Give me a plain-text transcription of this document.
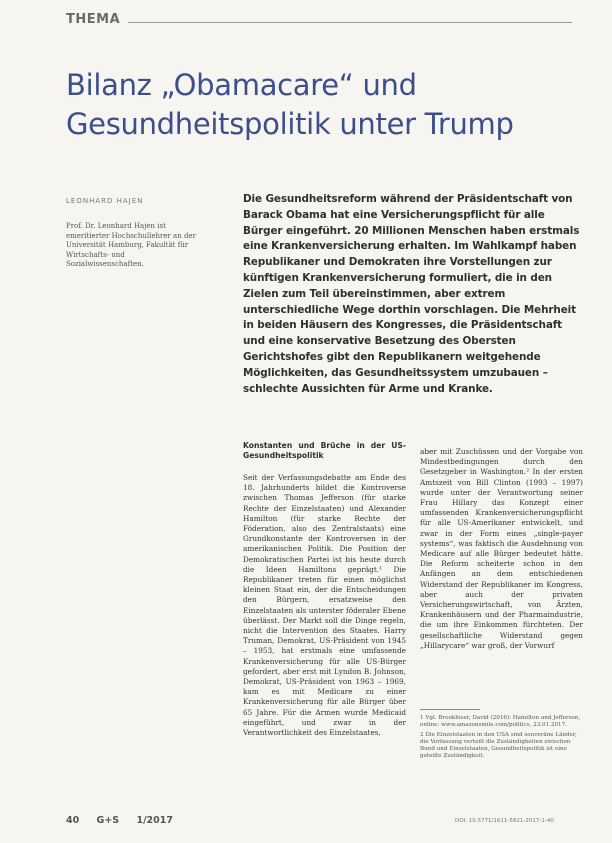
THEMA
Bilanz „Obamacare“ und
Gesundheitspolitik unter Trump
LEONHARD HAJEN
Prof. Dr. Leonhard Hajen ist emeritierter Hochschullehrer an der Universität Hamburg, Fakultät für Wirtschafts- und Sozialwissenschaften.
Die Gesundheitsreform während der Präsidentschaft von Barack Obama hat eine Versicherungspflicht für alle Bürger eingeführt. 20 Millionen Menschen haben erstmals eine Krankenversicherung erhalten. Im Wahlkampf haben Republikaner und Demokraten ihre Vorstellungen zur künftigen Krankenversicherung formuliert, die in den Zielen zum Teil übereinstimmen, aber extrem unterschiedliche Wege dorthin vorschlagen. Die Mehrheit in beiden Häusern des Kongresses, die Präsidentschaft und eine konservative Besetzung des Obersten Gerichtshofes gibt den Republikanern weitgehende Möglichkeiten, das Gesundheitssystem umzubauen – schlechte Aussichten für Arme und Kranke.
Konstanten und Brüche in der US-Gesundheitspolitik

Seit der Verfassungsdebatte am Ende des 18. Jahrhunderts bildet die Kontroverse zwischen Thomas Jefferson (für starke Rechte der Einzelstaaten) und Alexander Hamilton (für starke Rechte der Föderation, also des Zentralstaats) eine Grundkonstante der Kontroversen in der amerikanischen Politik. Die Position der Demokratischen Partei ist bis heute durch die Ideen Hamiltons geprägt.¹ Die Republikaner treten für einen möglichst kleinen Staat ein, der die Entscheidungen den Bürgern, ersatzweise den Einzelstaaten als unterster föderaler Ebene überlässt. Der Markt soll die Dinge regeln, nicht die Intervention des Staates. Harry Truman, Demokrat, US-Präsident von 1945 – 1953, hat erstmals eine umfassende Krankenversicherung für alle US-Bürger gefordert, aber erst mit Lyndon B. Johnson, Demokrat, US-Präsident von 1963 – 1969, kam es mit Medicare zu einer Krankenversicherung für alle Bürger über 65 Jahre. Für die Armen wurde Medicaid eingeführt, und zwar in der Verantwortlichkeit des Einzelstaates,

aber mit Zuschüssen und der Vorgabe von Mindestbedingungen durch den Gesetzgeber in Washington.² In der ersten Amtszeit von Bill Clinton (1993 – 1997) wurde unter der Verantwortung seiner Frau Hillary das Konzept einer umfassenden Krankenversicherungspflicht für alle US-Amerikaner entwickelt, und zwar in der Form eines „single-payer systems“, was faktisch die Ausdehnung von Medicare auf alle Bürger bedeutet hätte. Die Reform scheiterte schon in den Anfängen an dem entschiedenen Widerstand der Republikaner im Kongress, aber auch der privaten Versicherungswirtschaft, von Ärzten, Krankenhäusern und der Pharmaindustrie, die um ihre Einkommen fürchteten. Der gesellschaftliche Widerstand gegen „Hillarycare“ war groß, der Vorwurf

1 Vgl. Brookhiser, David (2016): Hamilton and Jefferson, online: www.amazonsmile.com/politics, 23.01.2017.
2 Die Einzelstaaten in den USA sind souveräne Länder, die Verfassung verteilt die Zuständigkeiten zwischen Bund und Einzelstaaten, Gesundheitspolitik ist eine geteilte Zuständigkeit.
40 G+S 1/2017	DOI: 10.5771/1611-5821-2017-1-40
